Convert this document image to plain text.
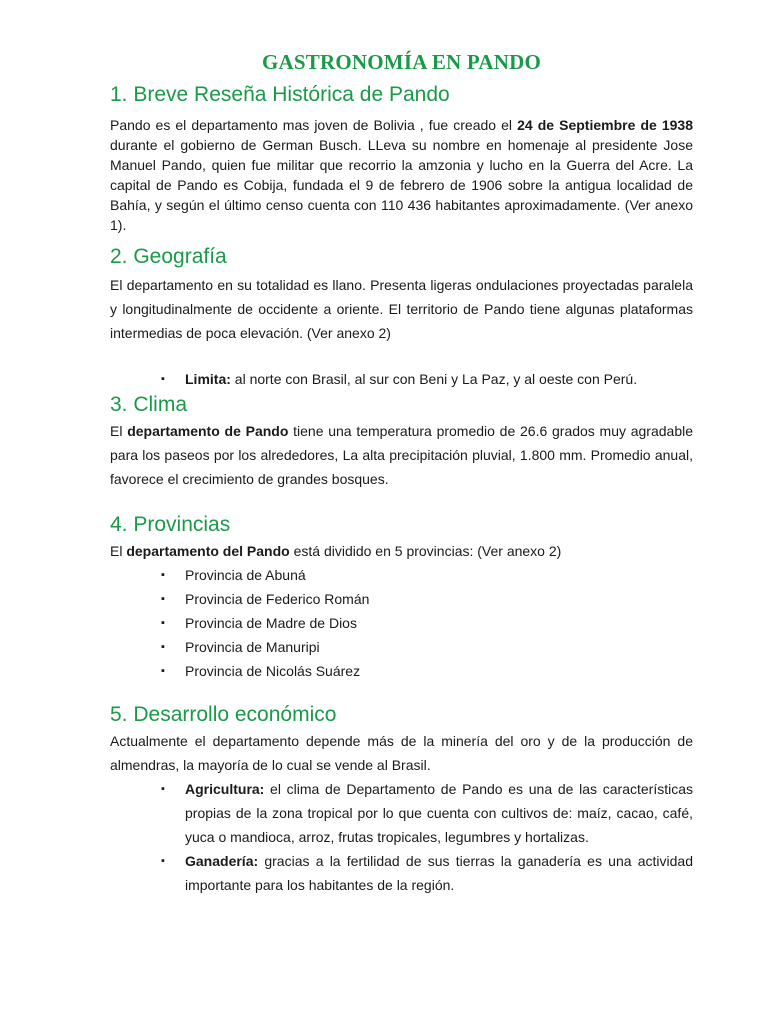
GASTRONOMÍA EN PANDO
1. Breve Reseña Histórica de Pando

Pando es el departamento mas joven de Bolivia , fue creado el 24 de Septiembre de 1938 durante el gobierno de German Busch. LLeva su nombre en homenaje al presidente Jose Manuel Pando, quien fue militar que recorrio la amzonia y lucho en la Guerra del Acre. La capital de Pando es Cobija, fundada el 9 de febrero de 1906 sobre la antigua localidad de Bahía, y según el último censo cuenta con 110 436 habitantes aproximadamente. (Ver anexo 1).

2. Geografía

El departamento en su totalidad es llano. Presenta ligeras ondulaciones proyectadas paralela y longitudinalmente de occidente a oriente. El territorio de Pando tiene algunas plataformas intermedias de poca elevación. (Ver anexo 2)

▪ Limita: al norte con Brasil, al sur con Beni y La Paz, y al oeste con Perú.
3. Clima

El departamento de Pando tiene una temperatura promedio de 26.6 grados muy agradable para los paseos por los alrededores, La alta precipitación pluvial, 1.800 mm. Promedio anual, favorece el crecimiento de grandes bosques.

4. Provincias

El departamento del Pando está dividido en 5 provincias: (Ver anexo 2)

▪ Provincia de Abuná
▪ Provincia de Federico Román
▪ Provincia de Madre de Dios
▪ Provincia de Manuripi
▪ Provincia de Nicolás Suárez
5. Desarrollo económico

Actualmente el departamento depende más de la minería del oro y de la producción de almendras, la mayoría de lo cual se vende al Brasil.

▪ Agricultura: el clima de Departamento de Pando es una de las características propias de la zona tropical por lo que cuenta con cultivos de: maíz, cacao, café, yuca o mandioca, arroz, frutas tropicales, legumbres y hortalizas.
▪ Ganadería: gracias a la fertilidad de sus tierras la ganadería es una actividad importante para los habitantes de la región.
